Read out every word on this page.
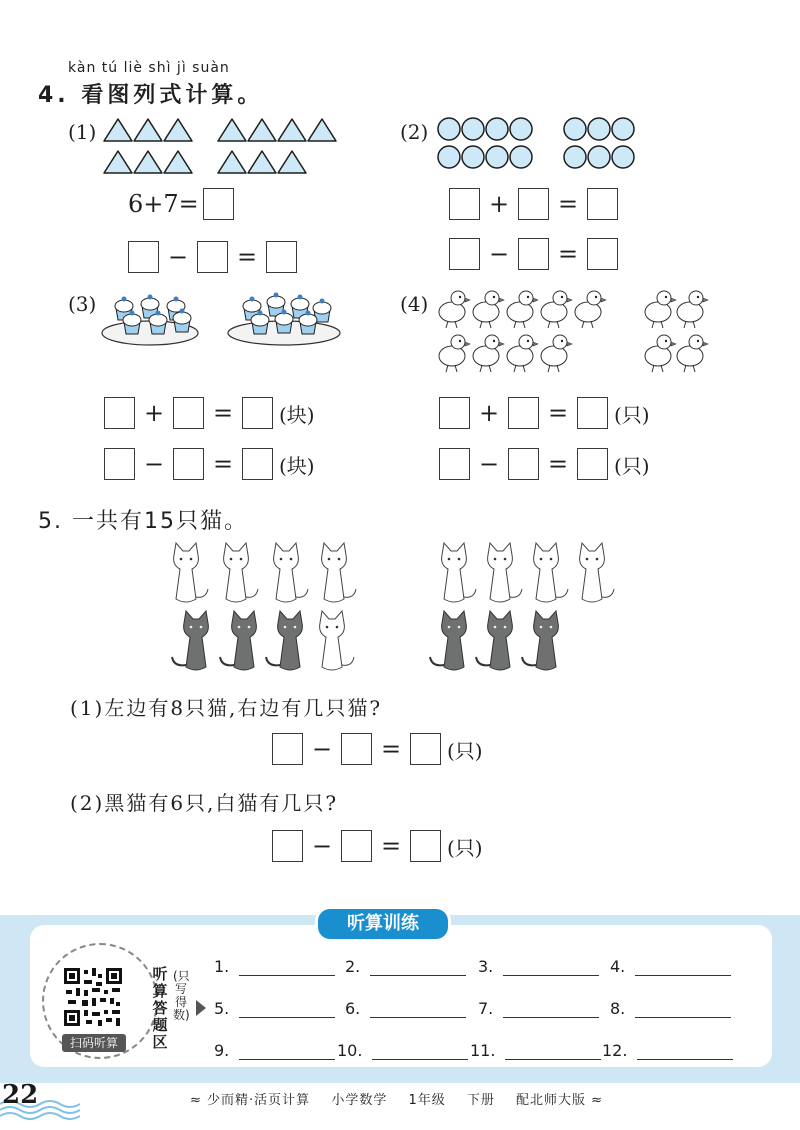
kàn tú liè shì jì suàn
4. 看图列式计算。
(1)
6+7=
−	=
(2)
+	=
−	=
(3)
+	=	(块)
−	=	(块)
(4)
+	=	(只)
−	=	(只)
5. 一共有15只猫。
(1)左边有8只猫,右边有几只猫?
−	=	(只)
(2)黑猫有6只,白猫有几只?
−	=	(只)
听算训练
扫码听算
听算答题区
(只写得数)
1.	2.	3.	4.
5.	6.	7.	8.
9.	10.	11.	12.
22	≈ 少而精·活页计算 小学数学 1年级 下册 配北师大版 ≈
